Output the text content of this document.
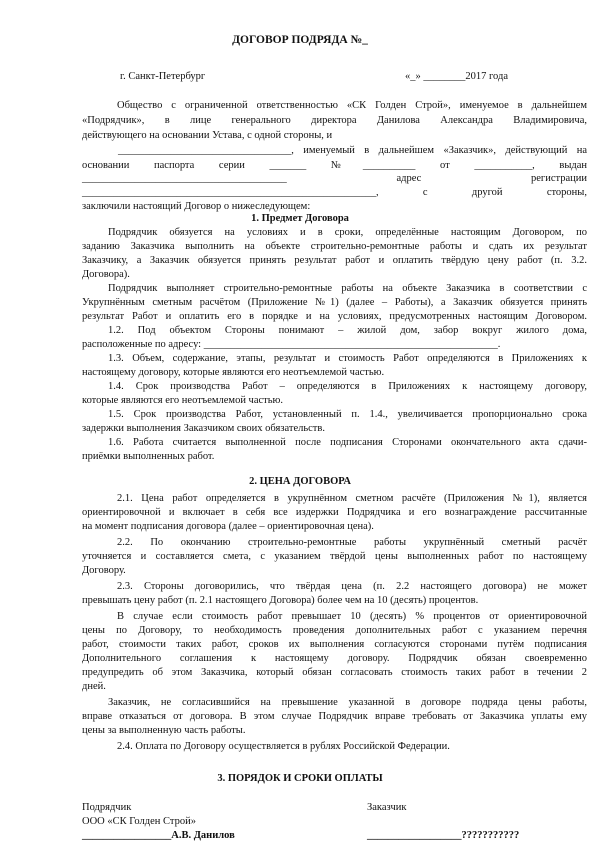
ДОГОВОР ПОДРЯДА №_
г. Санкт-Петербург	«_» ________2017 года
Общество с ограниченной ответственностью «СК Голден Строй», именуемое в дальнейшем
«Подрядчик», в лице генерального директора Данилова Александра Владимировича,
действующего на основании Устава, с одной стороны, и
_________________________________, именуемый в дальнейшем «Заказчик», действующий на
основании паспорта серии _______ №__________ от ___________, выдан
_______________________________________ адрес регистрации
________________________________________________________, с другой стороны,
заключили настоящий Договор о нижеследующем:
1. Предмет Договора
Подрядчик обязуется на условиях и в сроки, определённые настоящим Договором, по
заданию Заказчика выполнить на объекте строительно-ремонтные работы и сдать их результат
Заказчику, а Заказчик обязуется принять результат работ и оплатить твёрдую цену работ (п. 3.2.
Договора).
Подрядчик выполняет строительно-ремонтные работы на объекте Заказчика в соответствии с
Укрупнённым сметным расчётом (Приложение №1) (далее – Работы), а Заказчик обязуется принять
результат Работ и оплатить его в порядке и на условиях, предусмотренных настоящим Договором.
1.2. Под объектом Стороны понимают – жилой дом, забор вокруг жилого дома,
расположенные по адресу: ________________________________________________________.
1.3. Объем, содержание, этапы, результат и стоимость Работ определяются в Приложениях к
настоящему договору, которые являются его неотъемлемой частью.
1.4. Срок производства Работ – определяются в Приложениях к настоящему договору,
которые являются его неотъемлемой частью.
1.5. Срок производства Работ, установленный п. 1.4., увеличивается пропорционально срока
задержки выполнения Заказчиком своих обязательств.
1.6. Работа считается выполненной после подписания Сторонами окончательного акта сдачи-
приёмки выполненных работ.
2. ЦЕНА ДОГОВОРА
2.1. Цена работ определяется в укрупнённом сметном расчёте (Приложения №1), является
ориентировочной и включает в себя все издержки Подрядчика и его вознаграждение рассчитанные
на момент подписания договора (далее – ориентировочная цена).
2.2. По окончанию строительно-ремонтные работы укрупнённый сметный расчёт
уточняется и составляется смета, с указанием твёрдой цены выполненных работ по настоящему
Договору.
2.3. Стороны договорились, что твёрдая цена (п. 2.2 настоящего договора) не может
превышать цену работ (п. 2.1 настоящего Договора) более чем на 10 (десять) процентов.
В случае если стоимость работ превышает 10 (десять) % процентов от ориентировочной
цены по Договору, то необходимость проведения дополнительных работ с указанием перечня
работ, стоимости таких работ, сроков их выполнения согласуются сторонами путём подписания
Дополнительного соглашения к настоящему договору. Подрядчик обязан своевременно
предупредить об этом Заказчика, который обязан согласовать стоимость таких работ в течении 2
дней.
Заказчик, не согласившийся на превышение указанной в договоре подряда цены работы,
вправе отказаться от договора. В этом случае Подрядчик вправе требовать от Заказчика уплаты ему
цены за выполненную часть работы.
2.4. Оплата по Договору осуществляется в рублях Российской Федерации.
3. ПОРЯДОК И СРОКИ ОПЛАТЫ
Подрядчик
ООО «СК Голден Строй»
_________________А.В. Данилов
Заказчик
__________________???????????
